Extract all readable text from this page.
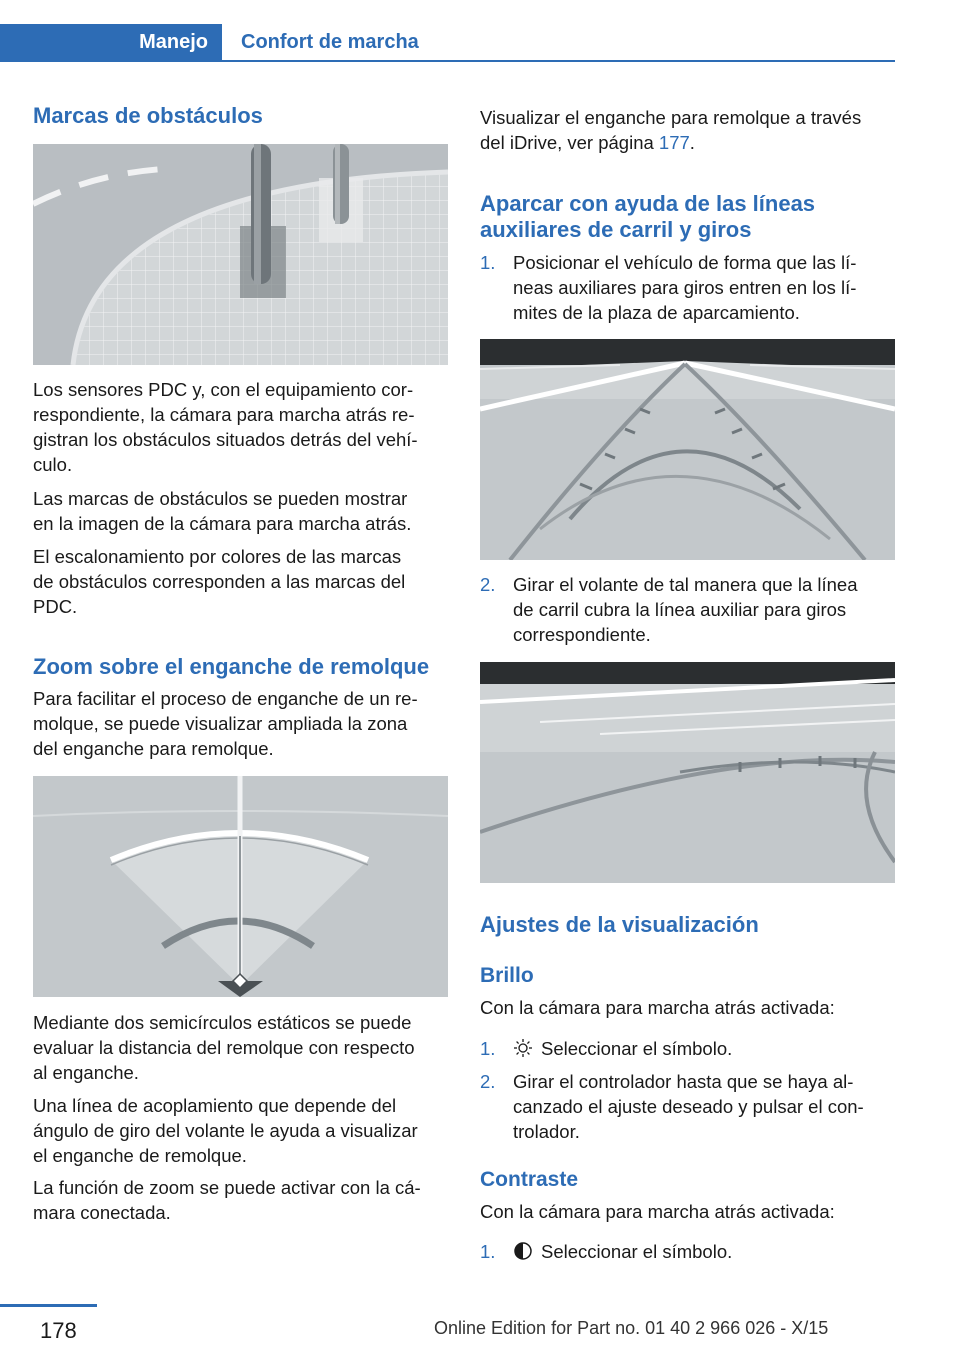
Manejo	Confort de marcha
Marcas de obstáculos

Los sensores PDC y, con el equipamiento cor‐

respondiente, la cámara para marcha atrás re‐

gistran los obstáculos situados detrás del vehí‐

culo.

Las marcas de obstáculos se pueden mostrar

en la imagen de la cámara para marcha atrás.

El escalonamiento por colores de las marcas

de obstáculos corresponden a las marcas del

PDC.

Zoom sobre el enganche de remolque

Para facilitar el proceso de enganche de un re‐

molque, se puede visualizar ampliada la zona

del enganche para remolque.

Mediante dos semicírculos estáticos se puede

evaluar la distancia del remolque con respecto

al enganche.

Una línea de acoplamiento que depende del

ángulo de giro del volante le ayuda a visualizar

el enganche de remolque.

La función de zoom se puede activar con la cá‐

mara conectada.

Visualizar el enganche para remolque a través

del iDrive, ver página 177.

Aparcar con ayuda de las líneas
auxiliares de carril y giros
1. Posicionar el vehículo de forma que las lí‐
neas auxiliares para giros entren en los lí‐
mites de la plaza de aparcamiento.
2. Girar el volante de tal manera que la línea
de carril cubra la línea auxiliar para giros
correspondiente.
Ajustes de la visualización
Brillo

Con la cámara para marcha atrás activada:

1.	Seleccionar el símbolo.
2. Girar el controlador hasta que se haya al‐
canzado el ajuste deseado y pulsar el con‐
trolador.
Contraste

Con la cámara para marcha atrás activada:

1.	Seleccionar el símbolo.
178	Online Edition for Part no. 01 40 2 966 026 - X/15
